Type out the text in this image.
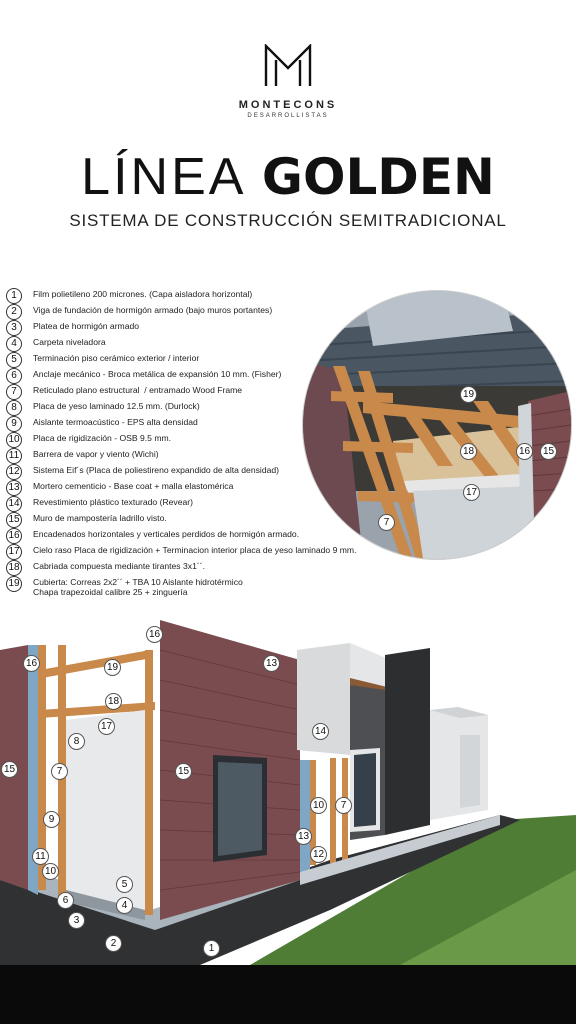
MONTECONS
DESARROLLISTAS
LÍNEA GOLDEN
SISTEMA DE CONSTRUCCIÓN SEMITRADICIONAL
1	Film polietileno 200 micrones. (Capa aisladora horizontal)
2	Viga de fundación de hormigón armado (bajo muros portantes)
3	Platea de hormigón armado
4	Carpeta niveladora
5	Terminación piso cerámico exterior / interior
6	Anclaje mecánico - Broca metálica de expansión 10 mm. (Fisher)
7	Reticulado plano estructural  / entramado Wood Frame
8	Placa de yeso laminado 12.5 mm. (Durlock)
9	Aislante termoacústico - EPS alta densidad
10 Placa de rigidización - OSB 9.5 mm.
11	Barrera de vapor y viento (Wichi)
12 Sistema Eif´s (Placa de poliestireno expandido de alta densidad)
13 Mortero cementicio - Base coat + malla elastomérica
14 Revestimiento plástico texturado (Revear)
15 Muro de mampostería ladrillo visto.
16 Encadenados horizontales y verticales perdidos de hormigón armado.
17 Cielo raso Placa de rigidización + Terminacion interior placa de yeso laminado 9 mm.
18 Cabriada compuesta mediante tirantes 3x1´´.
19 Cubierta: Correas 2x2´´ + TBA 10 Aislante hidrotérmico
Chapa trapezoidal calibre 25 + zinguería
19
18	16 15
17
7
16
19	13
18
17
8
14
15
7
15
9
10	7
11
10
13
12
5
6	4
3
2	1
16
